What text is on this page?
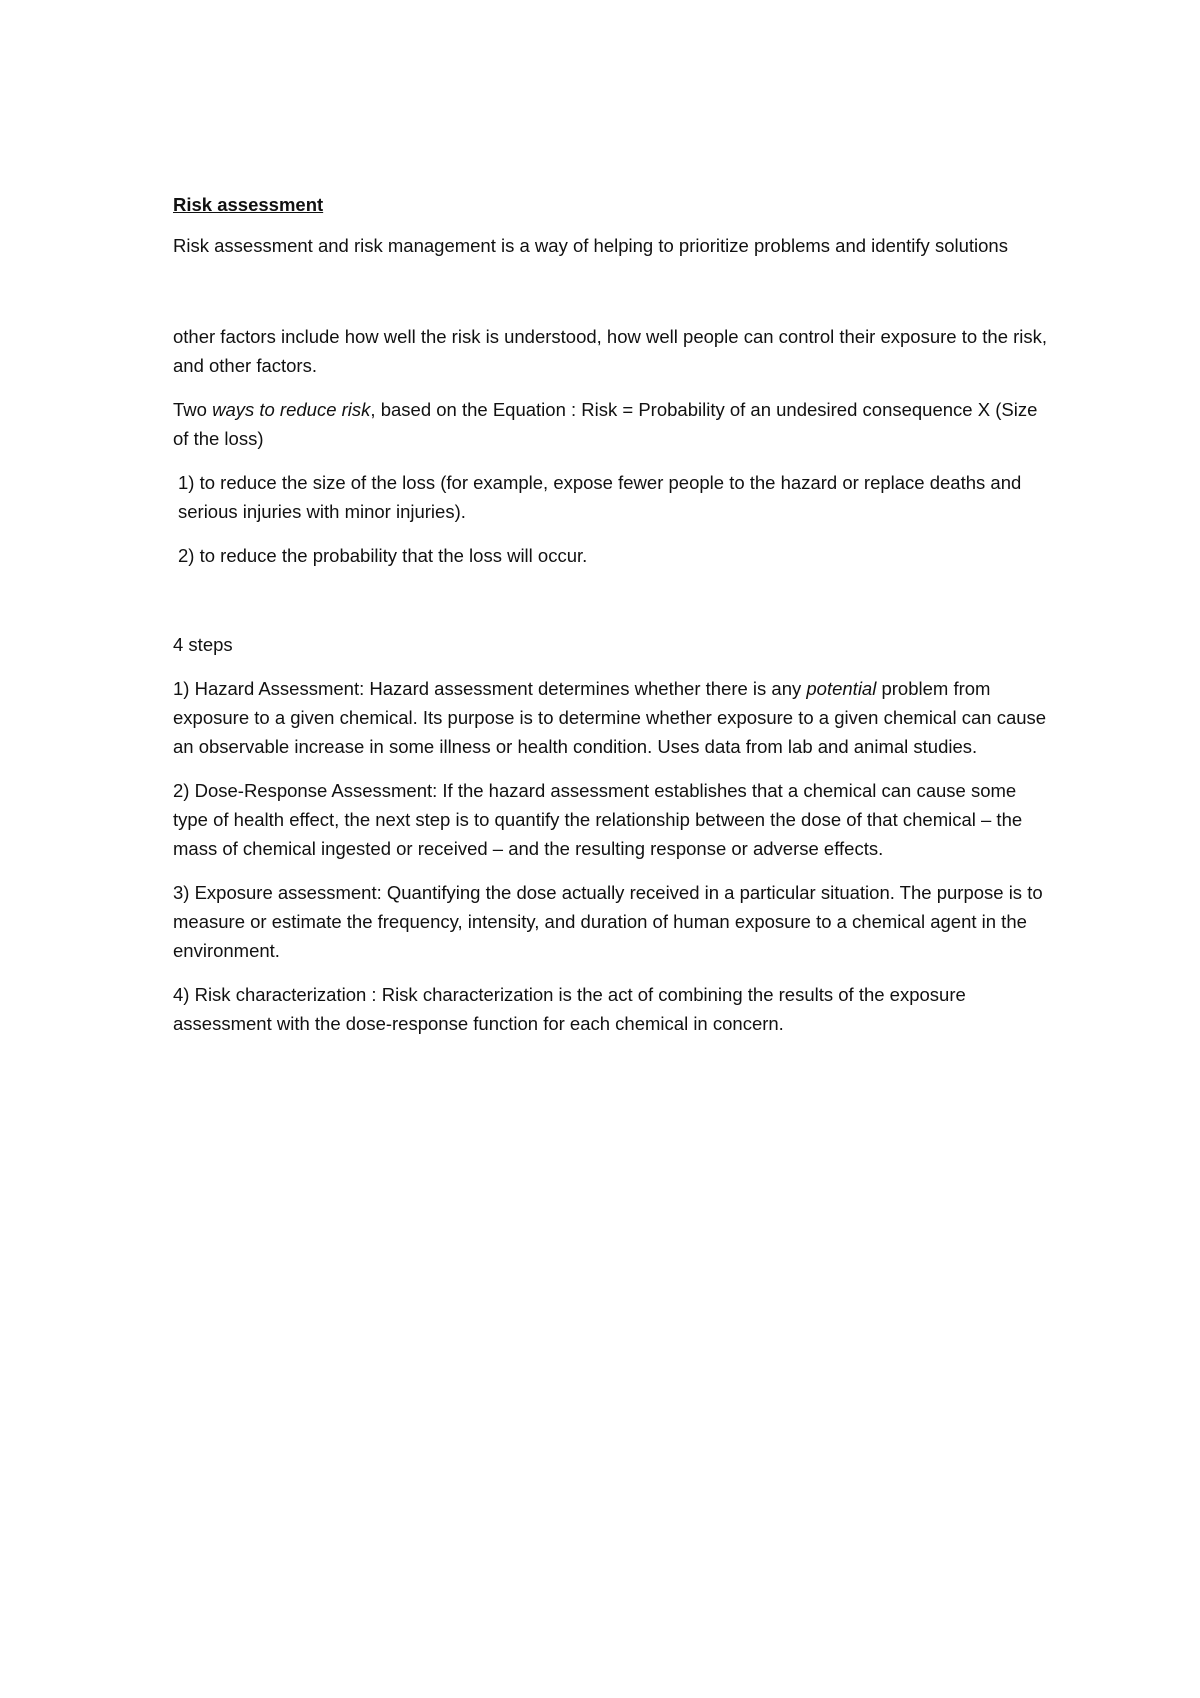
Risk assessment

Risk assessment and risk management is a way of helping to prioritize problems and identify solutions

other factors include how well the risk is understood, how well people can control their exposure to the risk, and other factors.

Two ways to reduce risk, based on the Equation : Risk = Probability of an undesired consequence X (Size of the loss)

1) to reduce the size of the loss (for example, expose fewer people to the hazard or replace deaths and serious injuries with minor injuries).

2) to reduce the probability that the loss will occur.

4 steps

1) Hazard Assessment: Hazard assessment determines whether there is any potential problem from exposure to a given chemical. Its purpose is to determine whether exposure to a given chemical can cause an observable increase in some illness or health condition. Uses data from lab and animal studies.

2) Dose-Response Assessment: If the hazard assessment establishes that a chemical can cause some type of health effect, the next step is to quantify the relationship between the dose of that chemical – the mass of chemical ingested or received – and the resulting response or adverse effects.

3) Exposure assessment: Quantifying the dose actually received in a particular situation. The purpose is to measure or estimate the frequency, intensity, and duration of human exposure to a chemical agent in the environment.

4) Risk characterization : Risk characterization is the act of combining the results of the exposure assessment with the dose-response function for each chemical in concern.
